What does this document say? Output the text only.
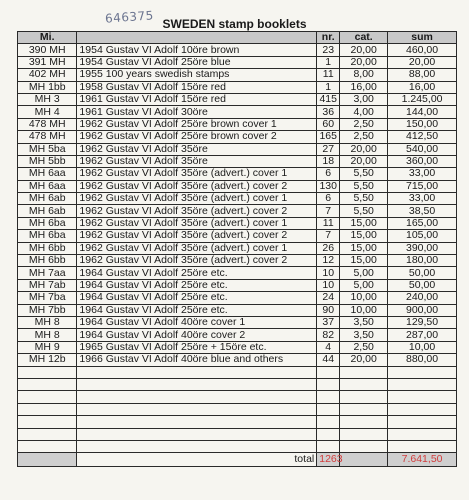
646375 SWEDEN stamp booklets
Mi.		nr.	cat.	sum
390 MH	1954 Gustav VI Adolf 10öre brown	23	20,00	460,00
391 MH	1954 Gustav VI Adolf 25öre blue	1	20,00	20,00
402 MH	1955 100 years swedish stamps	11	8,00	88,00
MH 1bb	1958 Gustav VI Adolf 15öre red	1	16,00	16,00
MH 3	1961 Gustav VI Adolf 15öre red	415	3,00	1.245,00
MH 4	1961 Gustav VI Adolf 30öre	36	4,00	144,00
478 MH	1962 Gustav VI Adolf 25öre brown cover 1	60	2,50	150,00
478 MH	1962 Gustav VI Adolf 25öre brown cover 2	165	2,50	412,50
MH 5ba	1962 Gustav VI Adolf 35öre	27	20,00	540,00
MH 5bb	1962 Gustav VI Adolf 35öre	18	20,00	360,00
MH 6aa	1962 Gustav VI Adolf 35öre (advert.) cover 1	6	5,50	33,00
MH 6aa	1962 Gustav VI Adolf 35öre (advert.) cover 2	130	5,50	715,00
MH 6ab	1962 Gustav VI Adolf 35öre (advert.) cover 1	6	5,50	33,00
MH 6ab	1962 Gustav VI Adolf 35öre (advert.) cover 2	7	5,50	38,50
MH 6ba	1962 Gustav VI Adolf 35öre (advert.) cover 1	11	15,00	165,00
MH 6ba	1962 Gustav VI Adolf 35öre (advert.) cover 2	7	15,00	105,00
MH 6bb	1962 Gustav VI Adolf 35öre (advert.) cover 1	26	15,00	390,00
MH 6bb	1962 Gustav VI Adolf 35öre (advert.) cover 2	12	15,00	180,00
MH 7aa	1964 Gustav VI Adolf 25öre etc.	10	5,00	50,00
MH 7ab	1964 Gustav VI Adolf 25öre etc.	10	5,00	50,00
MH 7ba	1964 Gustav VI Adolf 25öre etc.	24	10,00	240,00
MH 7bb	1964 Gustav VI Adolf 25öre etc.	90	10,00	900,00
MH 8	1964 Gustav VI Adolf 40öre cover 1	37	3,50	129,50
MH 8	1964 Gustav VI Adolf 40öre cover 2	82	3,50	287,00
MH 9	1965 Gustav VI Adolf 25öre + 15öre etc.	4	2,50	10,00
MH 12b	1966 Gustav VI Adolf 40öre blue and others	44	20,00	880,00

	total	1263		7.641,50
